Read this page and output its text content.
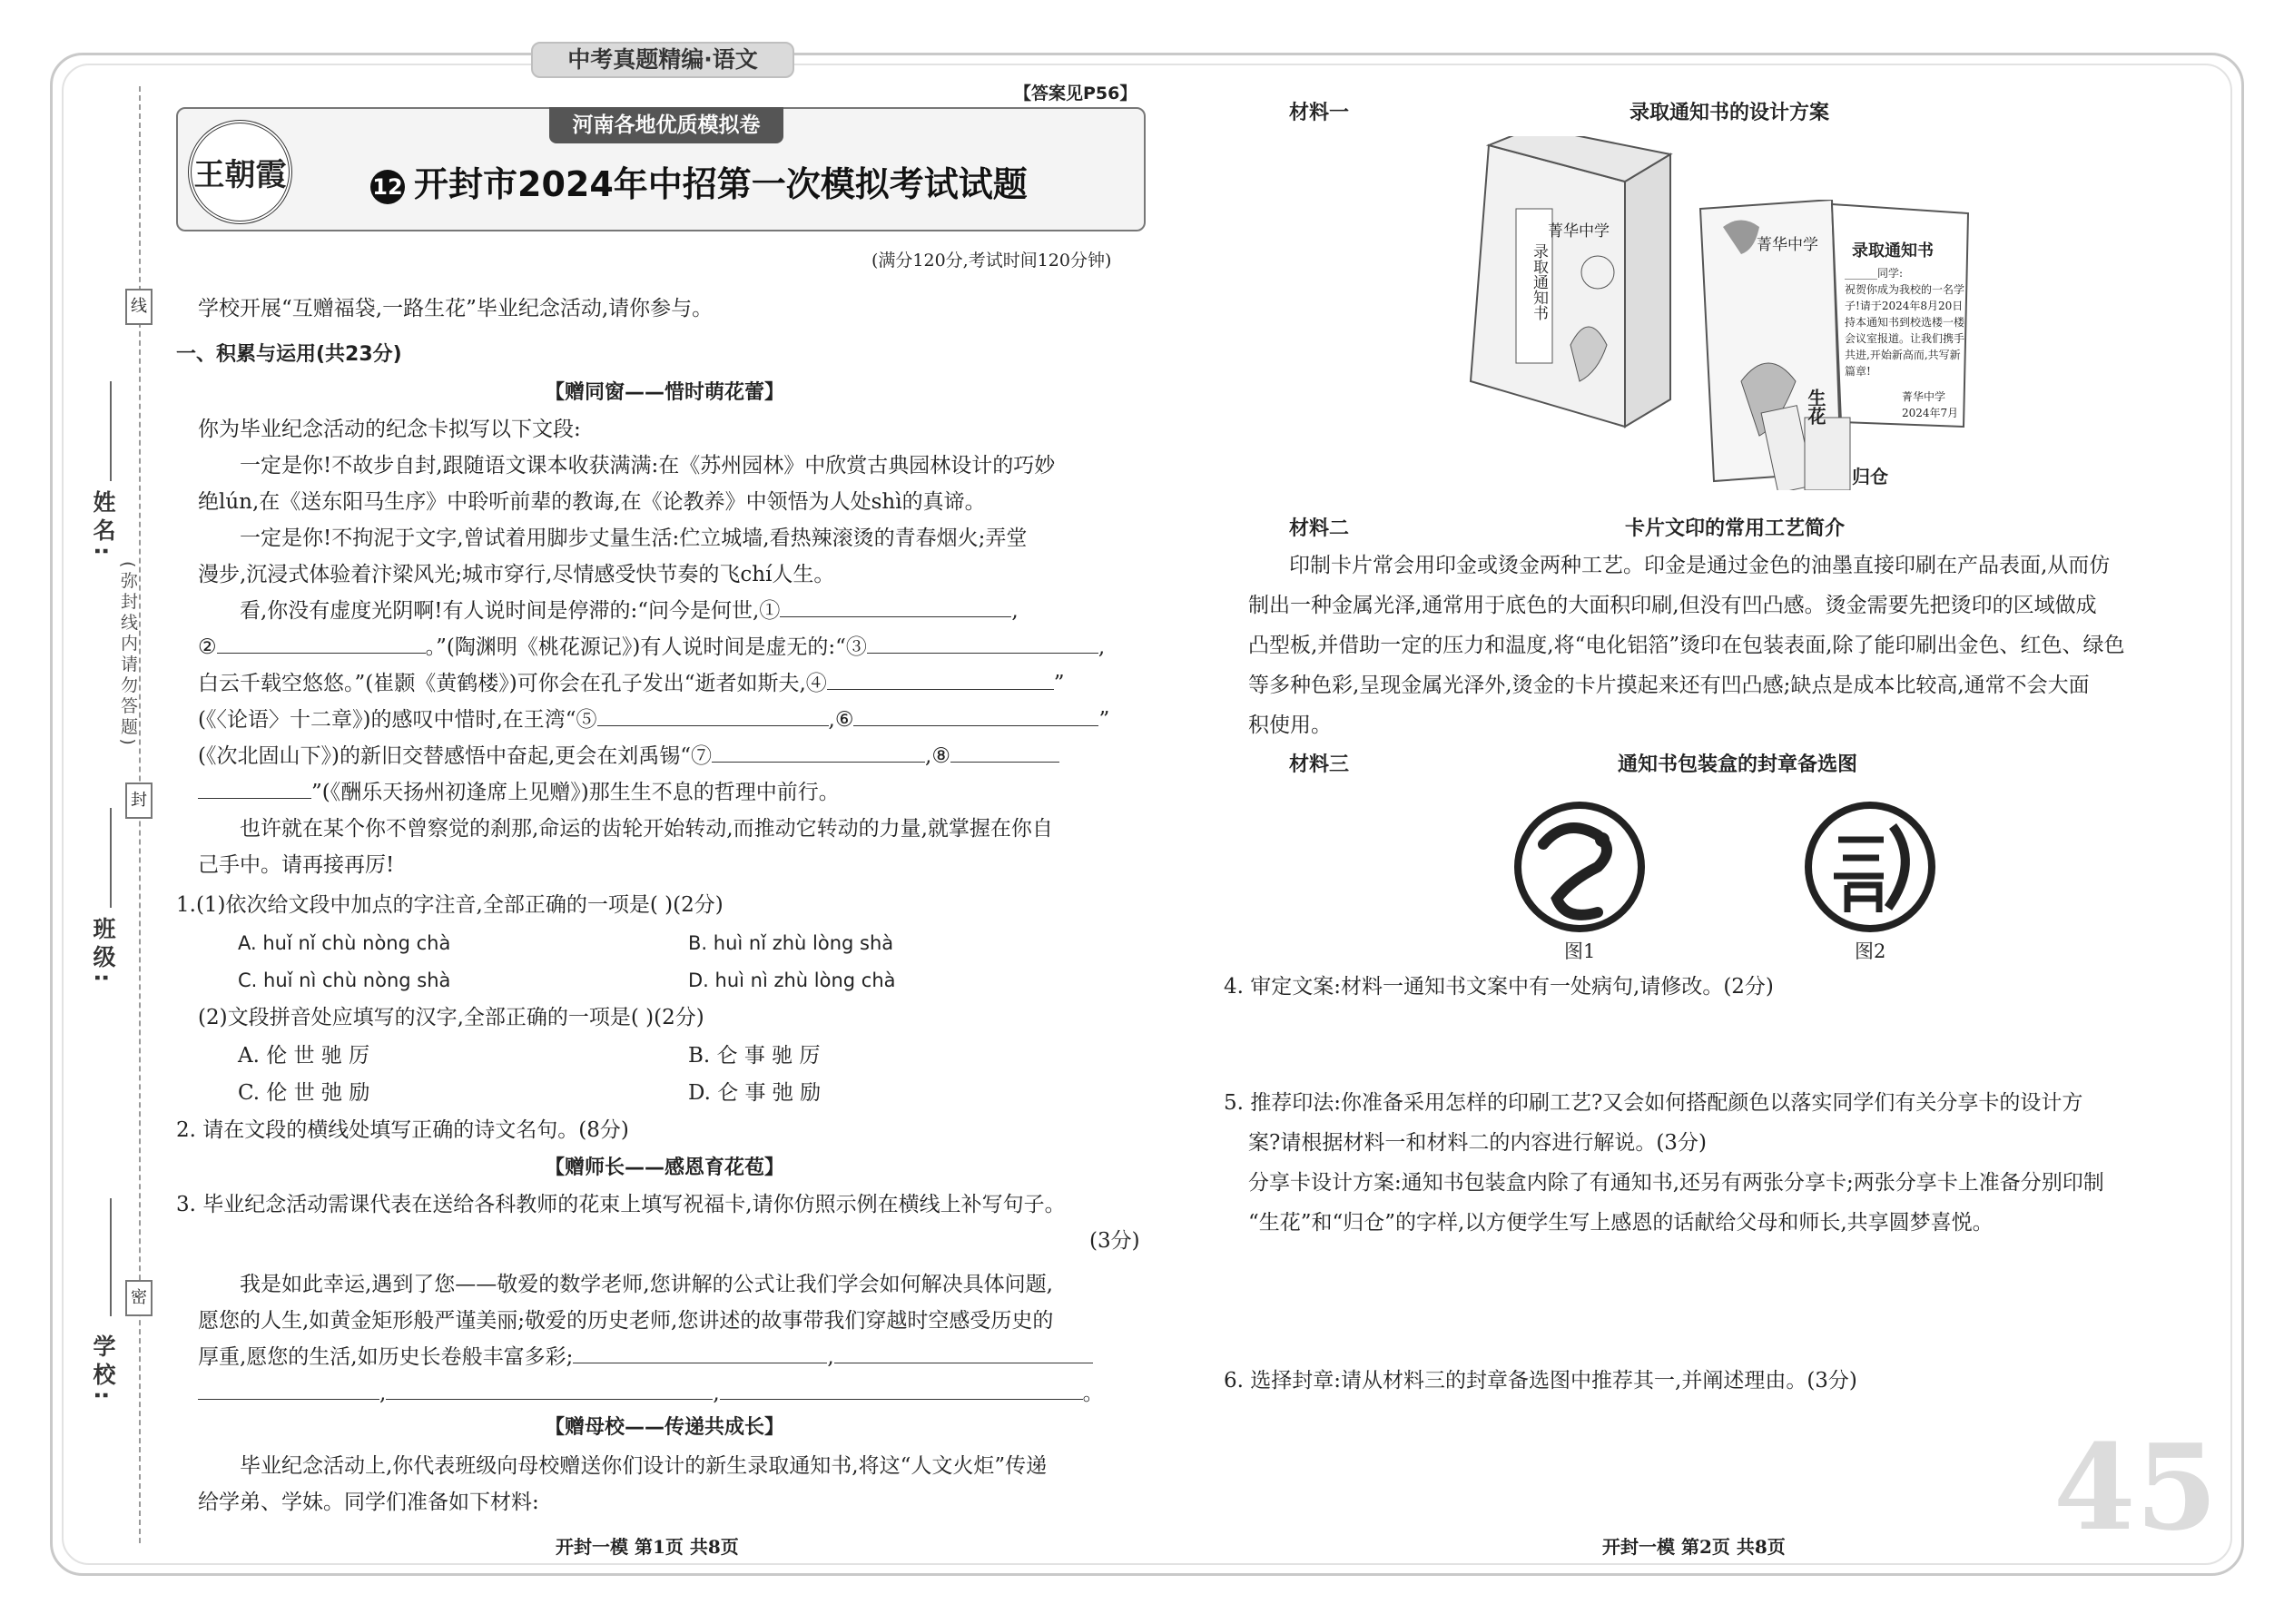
中考真题精编·语文
线
封
密
(弥封线内请勿答题)
姓名:
班级:
学校:
【答案见P56】
王朝霞
河南各地优质模拟卷
12 开封市2024年中招第一次模拟考试试题
(满分120分,考试时间120分钟)
学校开展“互赠福袋,一路生花”毕业纪念活动,请你参与。
一、积累与运用(共23分)
【赠同窗——惜时萌花蕾】
你为毕业纪念活动的纪念卡拟写以下文段:
一定是你!不故步自封,跟随语文课本收获满满:在《苏州园林》中欣赏古典园林设计的巧妙
绝lún,在《送东阳马生序》中聆听前辈的教诲,在《论教养》中领悟为人处shì的真谛。
一定是你!不拘泥于文字,曾试着用脚步丈量生活:伫立城墙,看热辣滚烫的青春烟火;弄堂
漫步,沉浸式体验着汴梁风光;城市穿行,尽情感受快节奏的飞chí人生。
看,你没有虚度光阴啊!有人说时间是停滞的:“问今是何世,①	,
②	。”(陶渊明《桃花源记》)有人说时间是虚无的:“③	,
白云千载空悠悠。”(崔颢《黄鹤楼》)可你会在孔子发出“逝者如斯夫,④	”
(《〈论语〉十二章》)的感叹中惜时,在王湾“⑤	,⑥	”
(《次北固山下》)的新旧交替感悟中奋起,更会在刘禹锡“⑦	,⑧
”(《酬乐天扬州初逢席上见赠》)那生生不息的哲理中前行。
也许就在某个你不曾察觉的刹那,命运的齿轮开始转动,而推动它转动的力量,就掌握在你自
己手中。请再接再厉!
1.(1)依次给文段中加点的字注音,全部正确的一项是( )(2分)
A. huǐ nǐ chù nòng chà	B. huì nǐ zhù lòng shà
C. huǐ nì chù nòng shà	D. huì nì zhù lòng chà
(2)文段拼音处应填写的汉字,全部正确的一项是( )(2分)
A. 伦 世 驰 厉	B. 仑 事 驰 厉
C. 伦 世 弛 励	D. 仑 事 弛 励
2. 请在文段的横线处填写正确的诗文名句。(8分)
【赠师长——感恩育花苞】
3. 毕业纪念活动需课代表在送给各科教师的花束上填写祝福卡,请你仿照示例在横线上补写句子。
(3分)
我是如此幸运,遇到了您——敬爱的数学老师,您讲解的公式让我们学会如何解决具体问题,
愿您的人生,如黄金矩形般严谨美丽;敬爱的历史老师,您讲述的故事带我们穿越时空感受历史的
厚重,愿您的生活,如历史长卷般丰富多彩;	,
,	,	。
【赠母校——传递共成长】
毕业纪念活动上,你代表班级向母校赠送你们设计的新生录取通知书,将这“人文火炬”传递
给学弟、学妹。同学们准备如下材料:
开封一模 第1页 共8页
材料一	录取通知书的设计方案
菁华中学
录取通知书	菁华中学 录取通知书
______同学:
祝贺你成为我校的一名学子!请于2024年8月20日持本通知书到校选楼一楼会议室报道。让我们携手共进,开始新高而,共写新篇章!
菁华中学
2024年7月
生花
归仓
材料二	卡片文印的常用工艺简介
印制卡片常会用印金或烫金两种工艺。印金是通过金色的油墨直接印刷在产品表面,从而仿
制出一种金属光泽,通常用于底色的大面积印刷,但没有凹凸感。烫金需要先把烫印的区域做成
凸型板,并借助一定的压力和温度,将“电化铝箔”烫印在包装表面,除了能印刷出金色、红色、绿色
等多种色彩,呈现金属光泽外,烫金的卡片摸起来还有凹凸感;缺点是成本比较高,通常不会大面
积使用。
材料三	通知书包装盒的封章备选图
图1	图2
4. 审定文案:材料一通知书文案中有一处病句,请修改。(2分)
5. 推荐印法:你准备采用怎样的印刷工艺?又会如何搭配颜色以落实同学们有关分享卡的设计方
案?请根据材料一和材料二的内容进行解说。(3分)
分享卡设计方案:通知书包装盒内除了有通知书,还另有两张分享卡;两张分享卡上准备分别印制
“生花”和“归仓”的字样,以方便学生写上感恩的话献给父母和师长,共享圆梦喜悦。
6. 选择封章:请从材料三的封章备选图中推荐其一,并阐述理由。(3分)
45
开封一模 第2页 共8页
